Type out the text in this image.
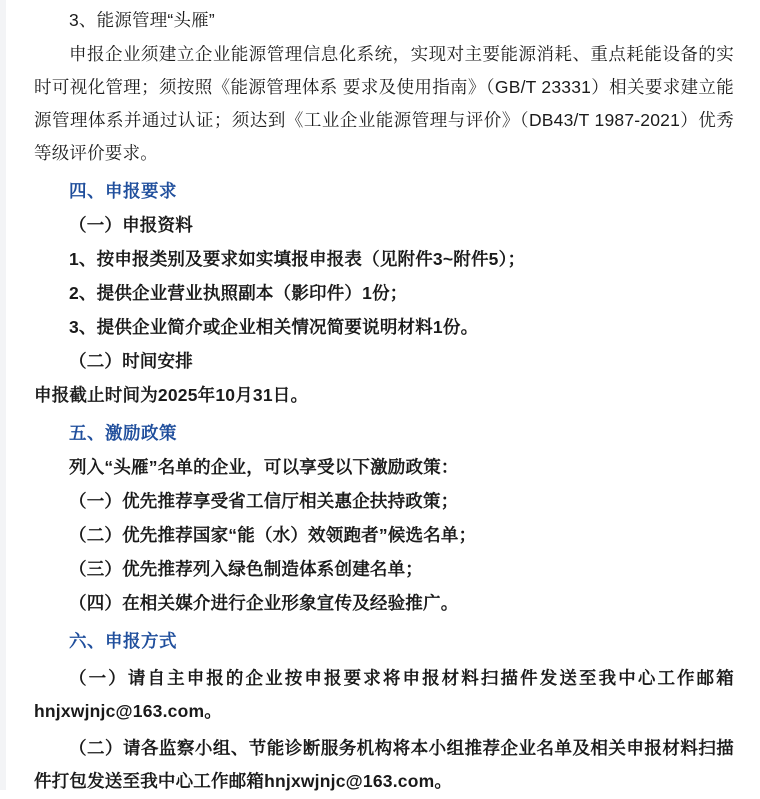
3、能源管理“头雁”

申报企业须建立企业能源管理信息化系统，实现对主要能源消耗、重点耗能设备的实时可视化管理；须按照《能源管理体系 要求及使用指南》（GB/T 23331）相关要求建立能源管理体系并通过认证；须达到《工业企业能源管理与评价》（DB43/T 1987-2021）优秀等级评价要求。

四、申报要求

（一）申报资料

1、按申报类别及要求如实填报申报表（见附件3~附件5）；

2、提供企业营业执照副本（影印件）1份；

3、提供企业简介或企业相关情况简要说明材料1份。

（二）时间安排

申报截止时间为2025年10月31日。

五、激励政策

列入“头雁”名单的企业，可以享受以下激励政策：

（一）优先推荐享受省工信厅相关惠企扶持政策；

（二）优先推荐国家“能（水）效领跑者”候选名单；

（三）优先推荐列入绿色制造体系创建名单；

（四）在相关媒介进行企业形象宣传及经验推广。

六、申报方式

（一）请自主申报的企业按申报要求将申报材料扫描件发送至我中心工作邮箱hnjxwjnjc@163.com。

（二）请各监察小组、节能诊断服务机构将本小组推荐企业名单及相关申报材料扫描件打包发送至我中心工作邮箱hnjxwjnjc@163.com。
